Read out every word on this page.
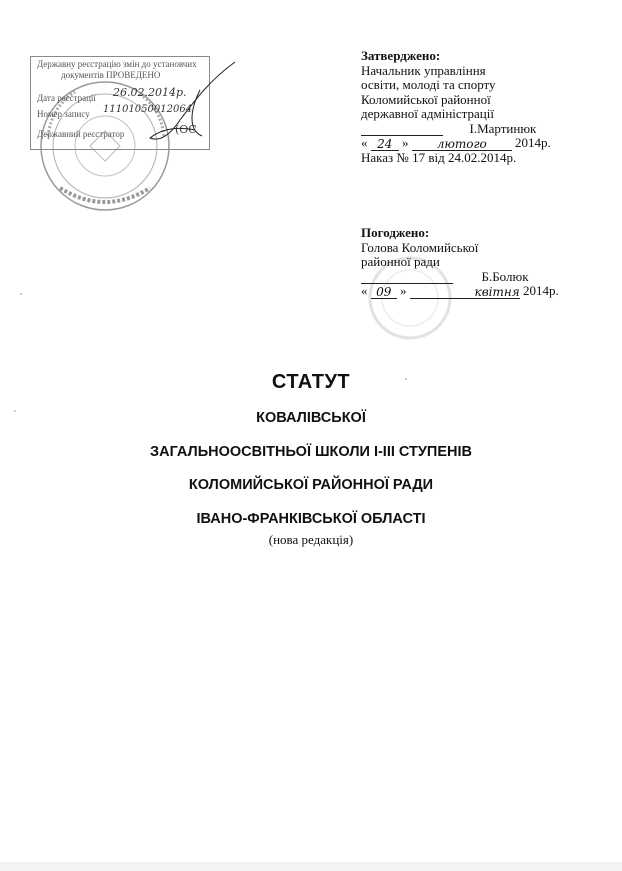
Державну реєстрацію змін до установчих
документів ПРОВЕДЕНО
Дата реєстрації 26.02.2014р.
Номер запису 11101050012064
Державний реєстратор	(OC
Затверджено:
Начальник управління
освіти, молоді та спорту
Коломийської районної
державної адміністрації
І.Мартинюк
« 24 » лютого 2014р.
Наказ № 17 від 24.02.2014р.
Погоджено:
Голова Коломийської
районної ради
Б.Болюк
« 09 »	квітня 2014р.
СТАТУТ
КОВАЛІВСЬКОЇ
ЗАГАЛЬНООСВІТНЬОЇ ШКОЛИ І-ІІІ СТУПЕНІВ
КОЛОМИЙСЬКОЇ РАЙОННОЇ РАДИ
ІВАНО-ФРАНКІВСЬКОЇ ОБЛАСТІ
(нова редакція)
